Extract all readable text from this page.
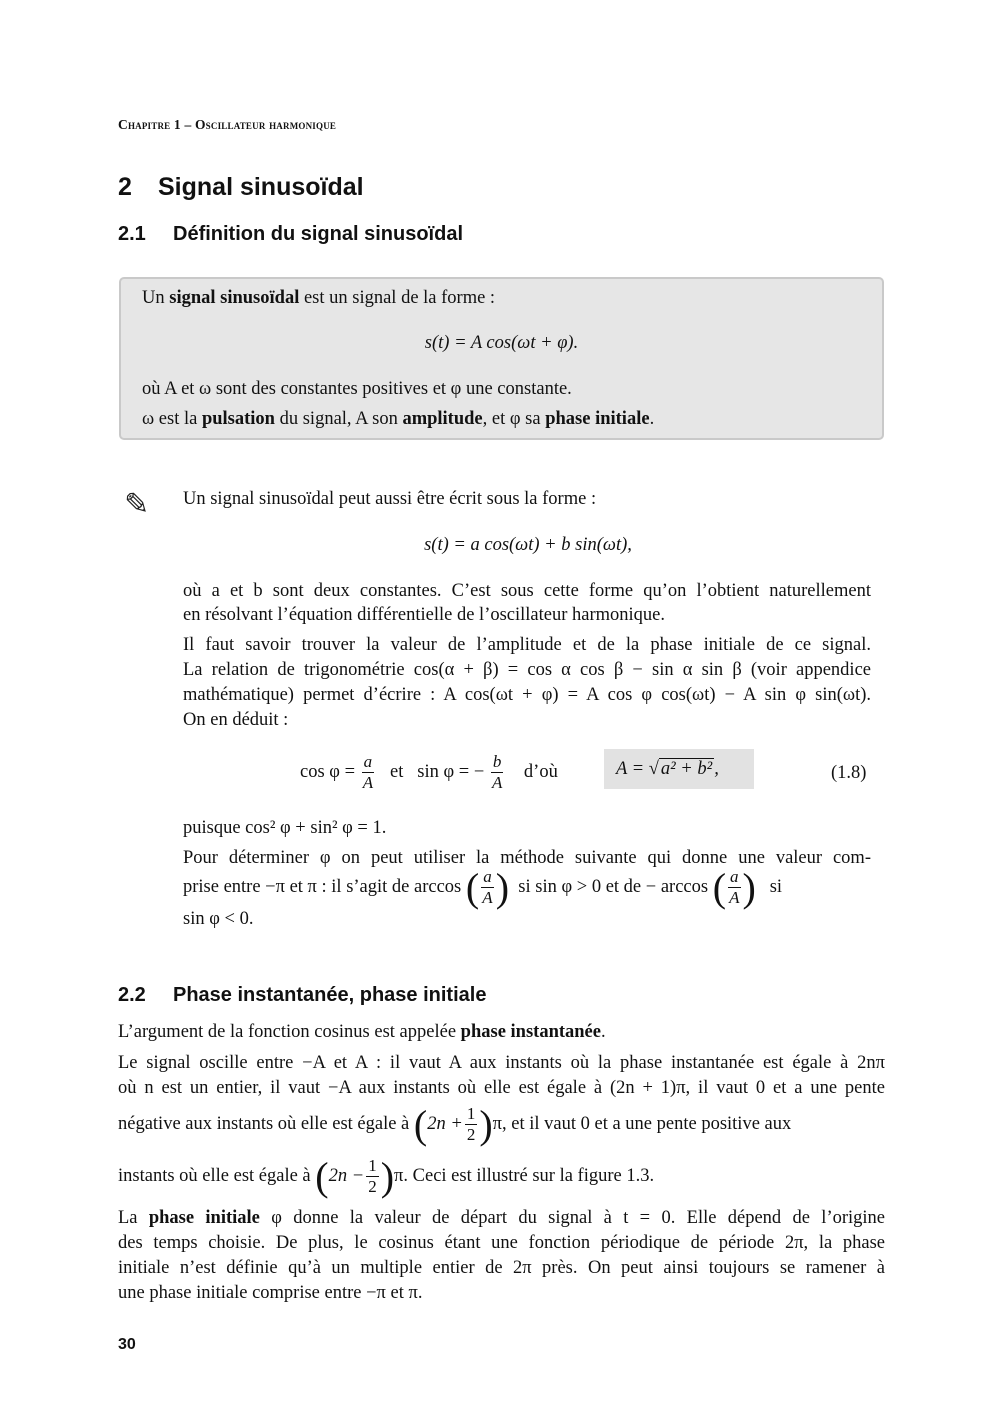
Chapitre 1 – Oscillateur harmonique
2 Signal sinusoïdal
2.1 Définition du signal sinusoïdal
Un signal sinusoïdal est un signal de la forme :
s(t) = A cos(ωt + φ).
où A et ω sont des constantes positives et φ une constante.
ω est la pulsation du signal, A son amplitude, et φ sa phase initiale.
✎ Un signal sinusoïdal peut aussi être écrit sous la forme :
s(t) = a cos(ωt) + b sin(ωt),
où a et b sont deux constantes. C’est sous cette forme qu’on l’obtient naturellement
en résolvant l’équation différentielle de l’oscillateur harmonique.
Il faut savoir trouver la valeur de l’amplitude et de la phase initiale de ce signal.
La relation de trigonométrie cos(α + β) = cos α cos β − sin α sin β (voir appendice
mathématique) permet d’écrire : A cos(ωt + φ) = A cos φ cos(ωt) − A sin φ sin(ωt).
On en déduit :
$\cos \varphi = \frac{a}{A}$ et sin φ = − $\frac{b}{A}$ d’où	A = √ a² + b² ,	(1.8)
puisque cos² φ + sin² φ = 1.
Pour déterminer φ on peut utiliser la méthode suivante qui donne une valeur com-
prise entre −π et π : il s’agit de arccos ( $\frac{a}{A}$ ) si sin φ > 0 et de − arccos ( $\frac{a}{A}$ ) si
sin φ < 0.
2.2 Phase instantanée, phase initiale
L’argument de la fonction cosinus est appelée phase instantanée.
Le signal oscille entre −A et A : il vaut A aux instants où la phase instantanée est égale à 2nπ
où n est un entier, il vaut −A aux instants où elle est égale à (2n + 1)π, il vaut 0 et a une pente
négative aux instants où elle est égale à $(2n + \frac{1}{2} )\pi$, et il vaut 0 et a une pente positive aux
instants où elle est égale à $(2n - \frac{1}{2} )\pi$. Ceci est illustré sur la figure 1.3.
La phase initiale φ donne la valeur de départ du signal à t = 0. Elle dépend de l’origine
des temps choisie. De plus, le cosinus étant une fonction périodique de période 2π, la phase
initiale n’est définie qu’à un multiple entier de 2π près. On peut ainsi toujours se ramener à
une phase initiale comprise entre −π et π.
30
